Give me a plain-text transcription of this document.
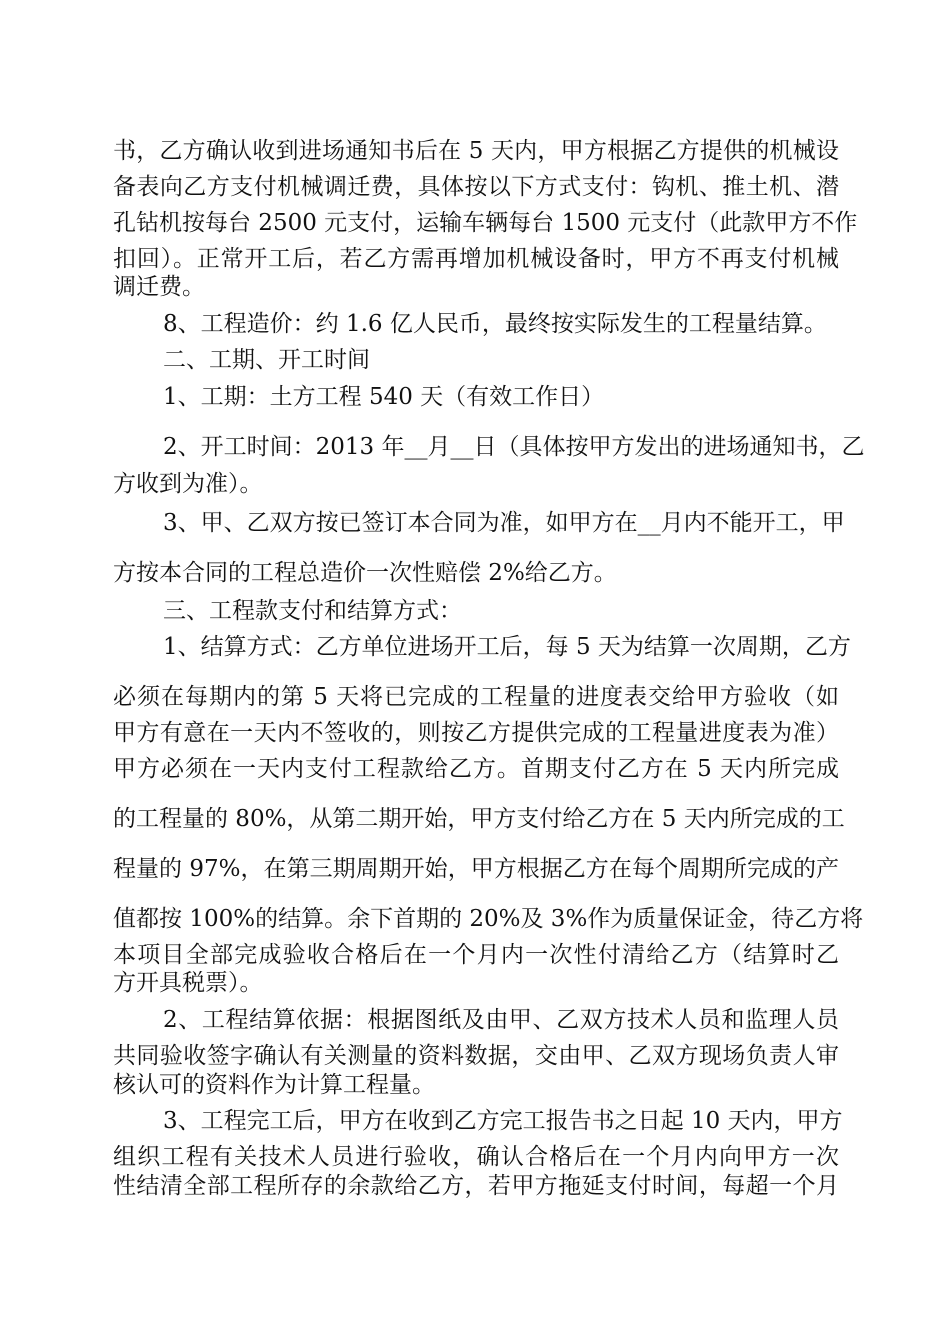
书，乙方确认收到进场通知书后在 5 天内，甲方根据乙方提供的机械设
备表向乙方支付机械调迁费，具体按以下方式支付：钩机、推土机、潜
孔钻机按每台 2500 元支付，运输车辆每台 1500 元支付（此款甲方不作
扣回）。正常开工后，若乙方需再增加机械设备时，甲方不再支付机械
调迁费。
8、工程造价：约 1.6 亿人民币，最终按实际发生的工程量结算。
二、工期、开工时间
1、工期：土方工程 540 天（有效工作日）
2、开工时间：2013 年__月__日（具体按甲方发出的进场通知书，乙
方收到为准）。
3、甲、乙双方按已签订本合同为准，如甲方在__月内不能开工，甲
方按本合同的工程总造价一次性赔偿 2%给乙方。
三、工程款支付和结算方式：
1、结算方式：乙方单位进场开工后，每 5 天为结算一次周期，乙方
必须在每期内的第 5 天将已完成的工程量的进度表交给甲方验收（如
甲方有意在一天内不签收的，则按乙方提供完成的工程量进度表为准）
甲方必须在一天内支付工程款给乙方。首期支付乙方在 5 天内所完成
的工程量的 80%，从第二期开始，甲方支付给乙方在 5 天内所完成的工
程量的 97%，在第三期周期开始，甲方根据乙方在每个周期所完成的产
值都按 100%的结算。余下首期的 20%及 3%作为质量保证金，待乙方将
本项目全部完成验收合格后在一个月内一次性付清给乙方（结算时乙
方开具税票）。
2、工程结算依据：根据图纸及由甲、乙双方技术人员和监理人员
共同验收签字确认有关测量的资料数据，交由甲、乙双方现场负责人审
核认可的资料作为计算工程量。
3、工程完工后，甲方在收到乙方完工报告书之日起 10 天内，甲方
组织工程有关技术人员进行验收，确认合格后在一个月内向甲方一次
性结清全部工程所存的余款给乙方，若甲方拖延支付时间，每超一个月
